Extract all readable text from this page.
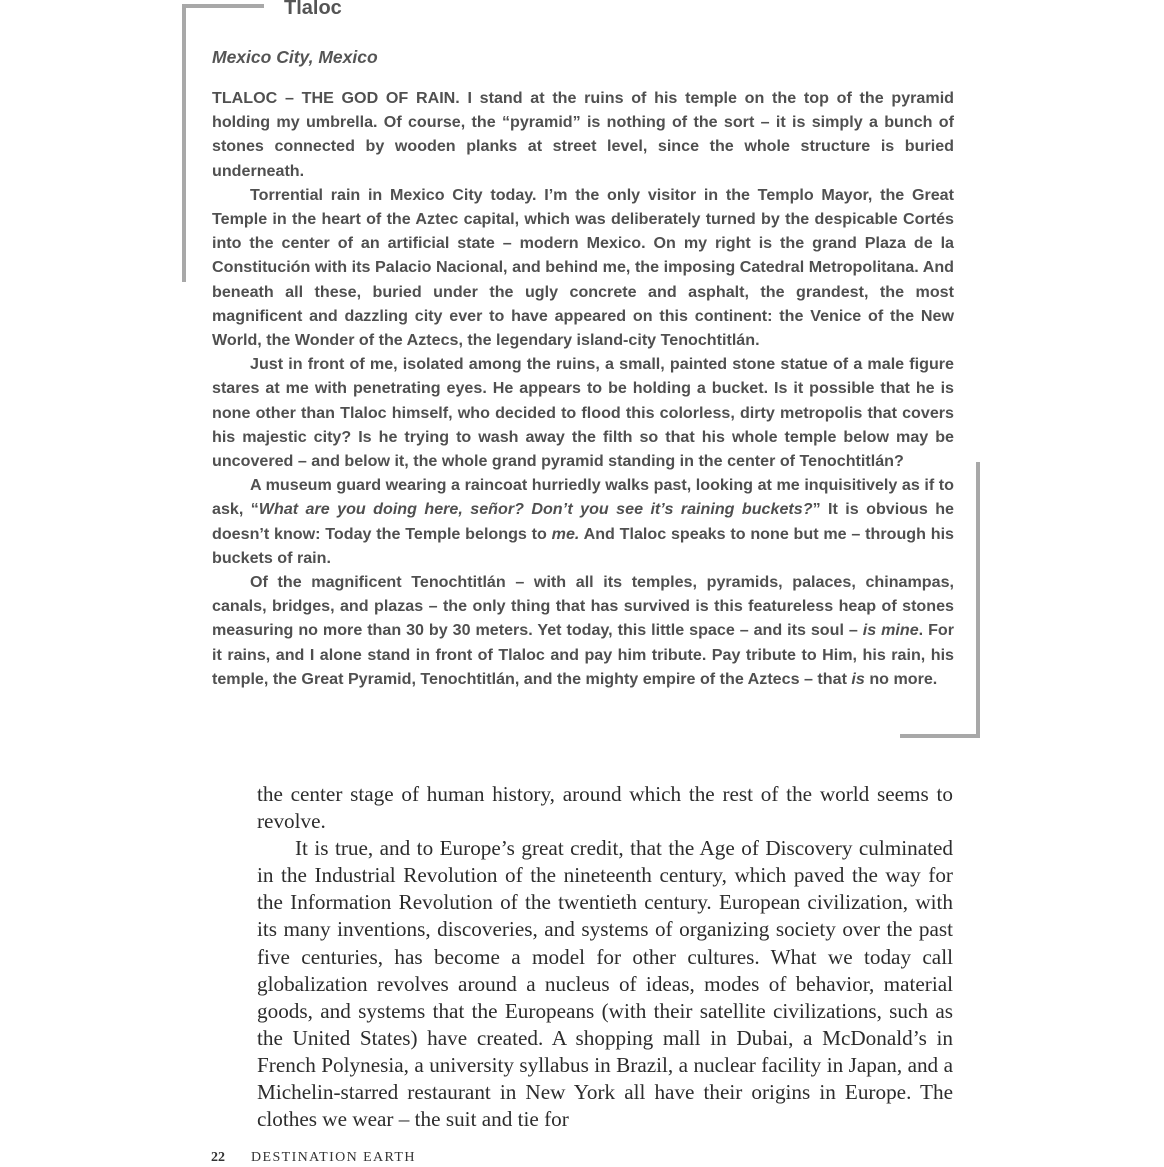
Tlaloc
Mexico City, Mexico

TLALOC – THE GOD OF RAIN. I stand at the ruins of his temple on the top of the pyramid holding my umbrella. Of course, the “pyramid” is nothing of the sort – it is simply a bunch of stones connected by wooden planks at street level, since the whole structure is buried underneath.

Torrential rain in Mexico City today. I’m the only visitor in the Templo Mayor, the Great Temple in the heart of the Aztec capital, which was deliberately turned by the despicable Cortés into the center of an artificial state – modern Mexico. On my right is the grand Plaza de la Constitución with its Palacio Nacional, and behind me, the imposing Catedral Metropolitana. And beneath all these, buried under the ugly concrete and asphalt, the grandest, the most magnificent and dazzling city ever to have appeared on this continent: the Venice of the New World, the Wonder of the Aztecs, the legendary island-city Tenochtitlán.

Just in front of me, isolated among the ruins, a small, painted stone statue of a male figure stares at me with penetrating eyes. He appears to be holding a bucket. Is it possible that he is none other than Tlaloc himself, who decided to flood this colorless, dirty metropolis that covers his majestic city? Is he trying to wash away the filth so that his whole temple below may be uncovered – and below it, the whole grand pyramid standing in the center of Tenochtitlán?

A museum guard wearing a raincoat hurriedly walks past, looking at me inquisitively as if to ask, “What are you doing here, señor? Don’t you see it’s raining buckets?” It is obvious he doesn’t know: Today the Temple belongs to me. And Tlaloc speaks to none but me – through his buckets of rain.

Of the magnificent Tenochtitlán – with all its temples, pyramids, palaces, chinampas, canals, bridges, and plazas – the only thing that has survived is this featureless heap of stones measuring no more than 30 by 30 meters. Yet today, this little space – and its soul – is mine. For it rains, and I alone stand in front of Tlaloc and pay him tribute. Pay tribute to Him, his rain, his temple, the Great Pyramid, Tenochtitlán, and the mighty empire of the Aztecs – that is no more.

the center stage of human history, around which the rest of the world seems to revolve.

It is true, and to Europe’s great credit, that the Age of Discovery culminated in the Industrial Revolution of the nineteenth century, which paved the way for the Information Revolution of the twentieth century. European civilization, with its many inventions, discoveries, and systems of organizing society over the past five centuries, has become a model for other cultures. What we today call globalization revolves around a nucleus of ideas, modes of behavior, material goods, and systems that the Europeans (with their satellite civilizations, such as the United States) have created. A shopping mall in Dubai, a McDonald’s in French Polynesia, a university syllabus in Brazil, a nuclear facility in Japan, and a Michelin-starred restaurant in New York all have their origins in Europe. The clothes we wear – the suit and tie for

22 DESTINATION EARTH
